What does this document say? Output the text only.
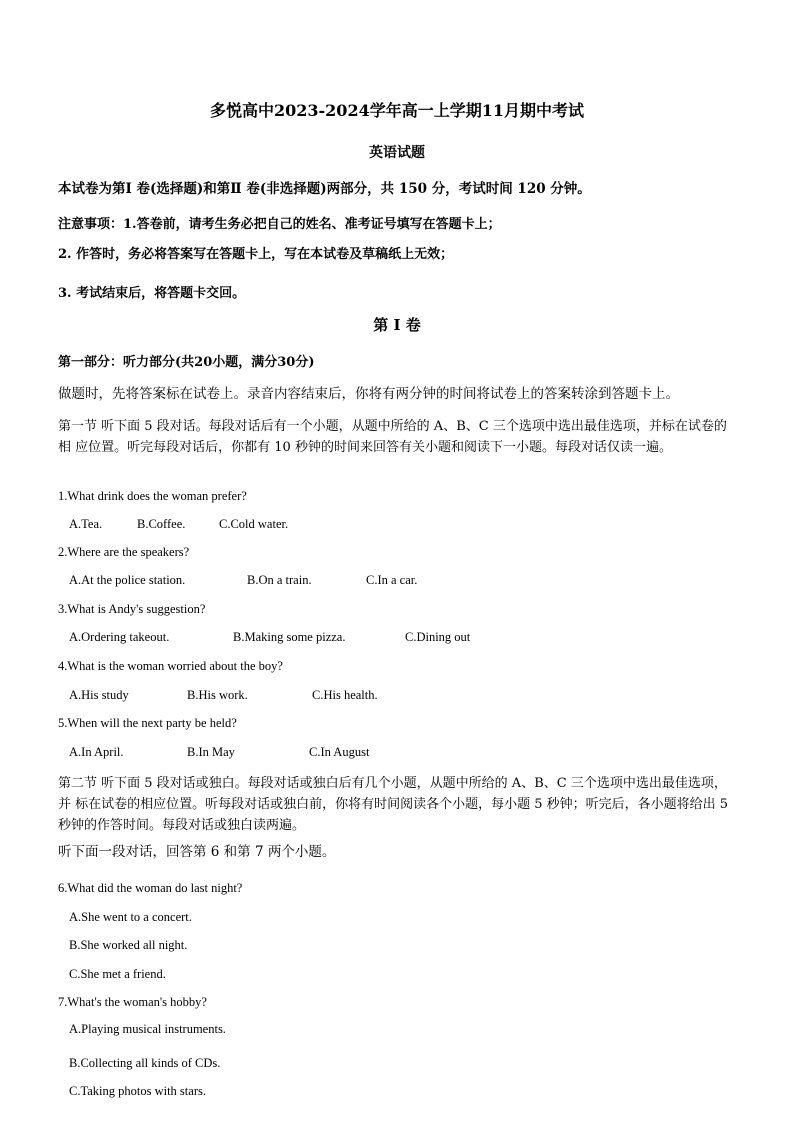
多悦高中2023-2024学年高一上学期11月期中考试
英语试题
本试卷为第Ⅰ 卷(选择题)和第Ⅱ 卷(非选择题)两部分，共 150 分，考试时间 120 分钟。
注意事项：1.答卷前，请考生务必把自己的姓名、准考证号填写在答题卡上；
2. 作答时，务必将答案写在答题卡上，写在本试卷及草稿纸上无效；
3. 考试结束后，将答题卡交回。
第 Ⅰ 卷
第一部分：听力部分(共20小题，满分30分)
做题时，先将答案标在试卷上。录音内容结束后，你将有两分钟的时间将试卷上的答案转涂到答题卡上。
第一节 听下面 5 段对话。每段对话后有一个小题，从题中所给的 A、B、C 三个选项中选出最佳选项，并标在试卷的相 应位置。听完每段对话后，你都有 10 秒钟的时间来回答有关小题和阅读下一小题。每段对话仅读一遍。
1.What drink does the woman prefer?
A.Tea.	B.Coffee.	C.Cold water.
2.Where are the speakers?
A.At the police station.	B.On a train.	C.In a car.
3.What is Andy's suggestion?
A.Ordering takeout.	B.Making some pizza.	C.Dining out
4.What is the woman worried about the boy?
A.His study	B.His work.	C.His health.
5.When will the next party be held?
A.In April.	B.In May	C.In August
第二节 听下面 5 段对话或独白。每段对话或独白后有几个小题，从题中所给的 A、B、C 三个选项中选出最佳选项，并 标在试卷的相应位置。听每段对话或独白前，你将有时间阅读各个小题，每小题 5 秒钟；听完后，各小题将给出 5 秒钟的作答时间。每段对话或独白读两遍。
听下面一段对话，回答第 6 和第 7 两个小题。
6.What did the woman do last night?
A.She went to a concert.
B.She worked all night.
C.She met a friend.
7.What's the woman's hobby?
A.Playing musical instruments.
B.Collecting all kinds of CDs.
C.Taking photos with stars.
